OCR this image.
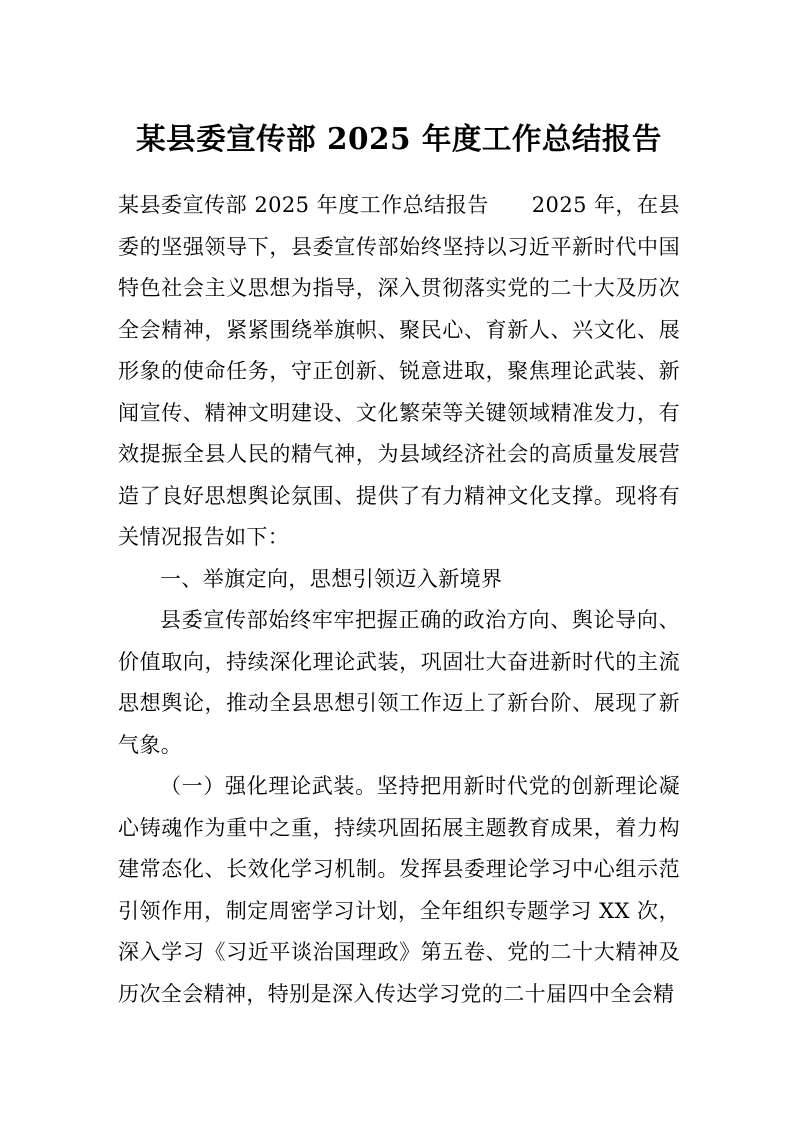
某县委宣传部 2025 年度工作总结报告

某县委宣传部 2025 年度工作总结报告　　2025 年，在县委的坚强领导下，县委宣传部始终坚持以习近平新时代中国特色社会主义思想为指导，深入贯彻落实党的二十大及历次全会精神，紧紧围绕举旗帜、聚民心、育新人、兴文化、展形象的使命任务，守正创新、锐意进取，聚焦理论武装、新闻宣传、精神文明建设、文化繁荣等关键领域精准发力，有效提振全县人民的精气神，为县域经济社会的高质量发展营造了良好思想舆论氛围、提供了有力精神文化支撑。现将有关情况报告如下：

一、举旗定向，思想引领迈入新境界

县委宣传部始终牢牢把握正确的政治方向、舆论导向、价值取向，持续深化理论武装，巩固壮大奋进新时代的主流思想舆论，推动全县思想引领工作迈上了新台阶、展现了新气象。

（一）强化理论武装。坚持把用新时代党的创新理论凝心铸魂作为重中之重，持续巩固拓展主题教育成果，着力构建常态化、长效化学习机制。发挥县委理论学习中心组示范引领作用，制定周密学习计划，全年组织专题学习 XX 次，深入学习《习近平谈治国理政》第五卷、党的二十大精神及历次全会精神，特别是深入传达学习党的二十届四中全会精
